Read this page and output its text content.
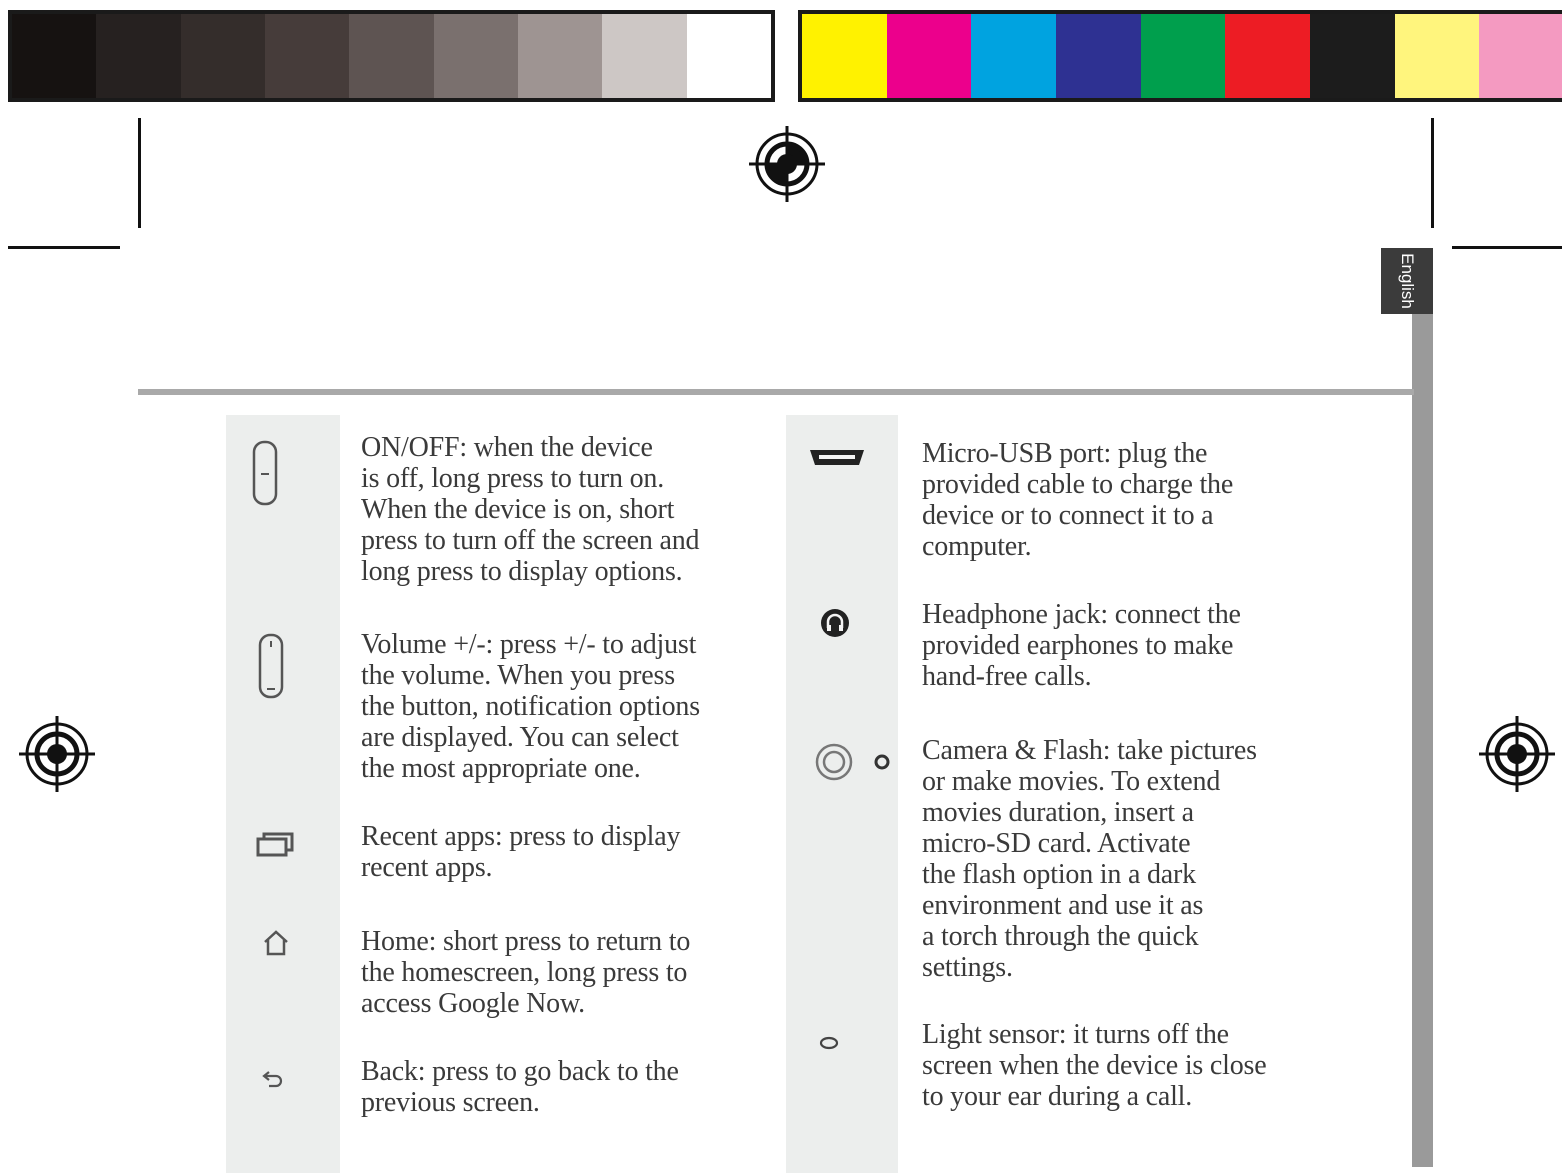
English

ON/OFF: when the device
is off, long press to turn on.
When the device is on, short
press to turn off the screen and
long press to display options.

Volume +/-: press +/- to adjust
the volume. When you press
the button, notification options
are displayed. You can select
the most appropriate one.

Recent apps: press to display
recent apps.

Home: short press to return to
the homescreen, long press to
access Google Now.

Back: press to go back to the
previous screen.

Micro-USB port: plug the
provided cable to charge the
device or to connect it to a
computer.

Headphone jack: connect the
provided earphones to make
hand-free calls.

Camera & Flash: take pictures
or make movies. To extend
movies duration, insert a
micro-SD card. Activate
the flash option in a dark
environment and use it as
a torch through the quick
settings.

Light sensor: it turns off the
screen when the device is close
to your ear during a call.
